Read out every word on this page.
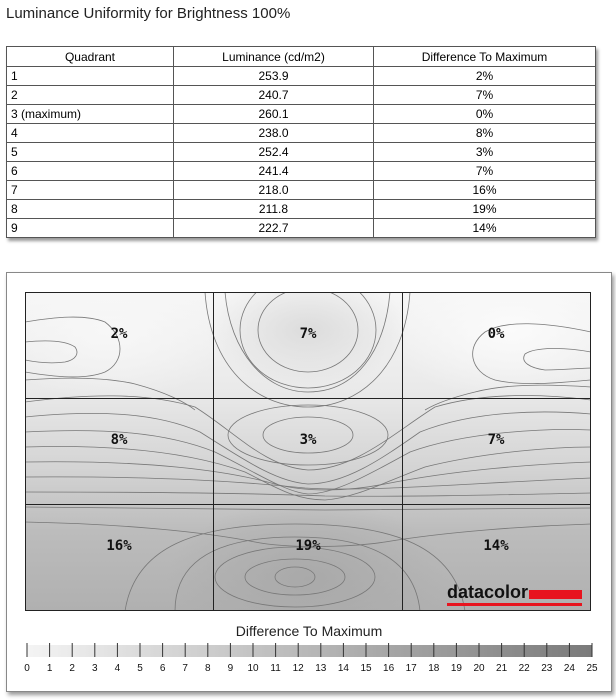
Luminance Uniformity for Brightness 100%
Quadrant	Luminance (cd/m2)	Difference To Maximum
1	253.9	2%
2	240.7	7%
3 (maximum)	260.1	0%
4	238.0	8%
5	252.4	3%
6	241.4	7%
7	218.0	16%
8	211.8	19%
9	222.7	14%
2%	7%	0%
8%	3%	7%
16%	19%	14%
datacolor
Difference To Maximum
0 1 2 3 4 5 6 7 8 9 10 11 12 13 14 15 16 17 18 19 20 21 22 23 24 25
